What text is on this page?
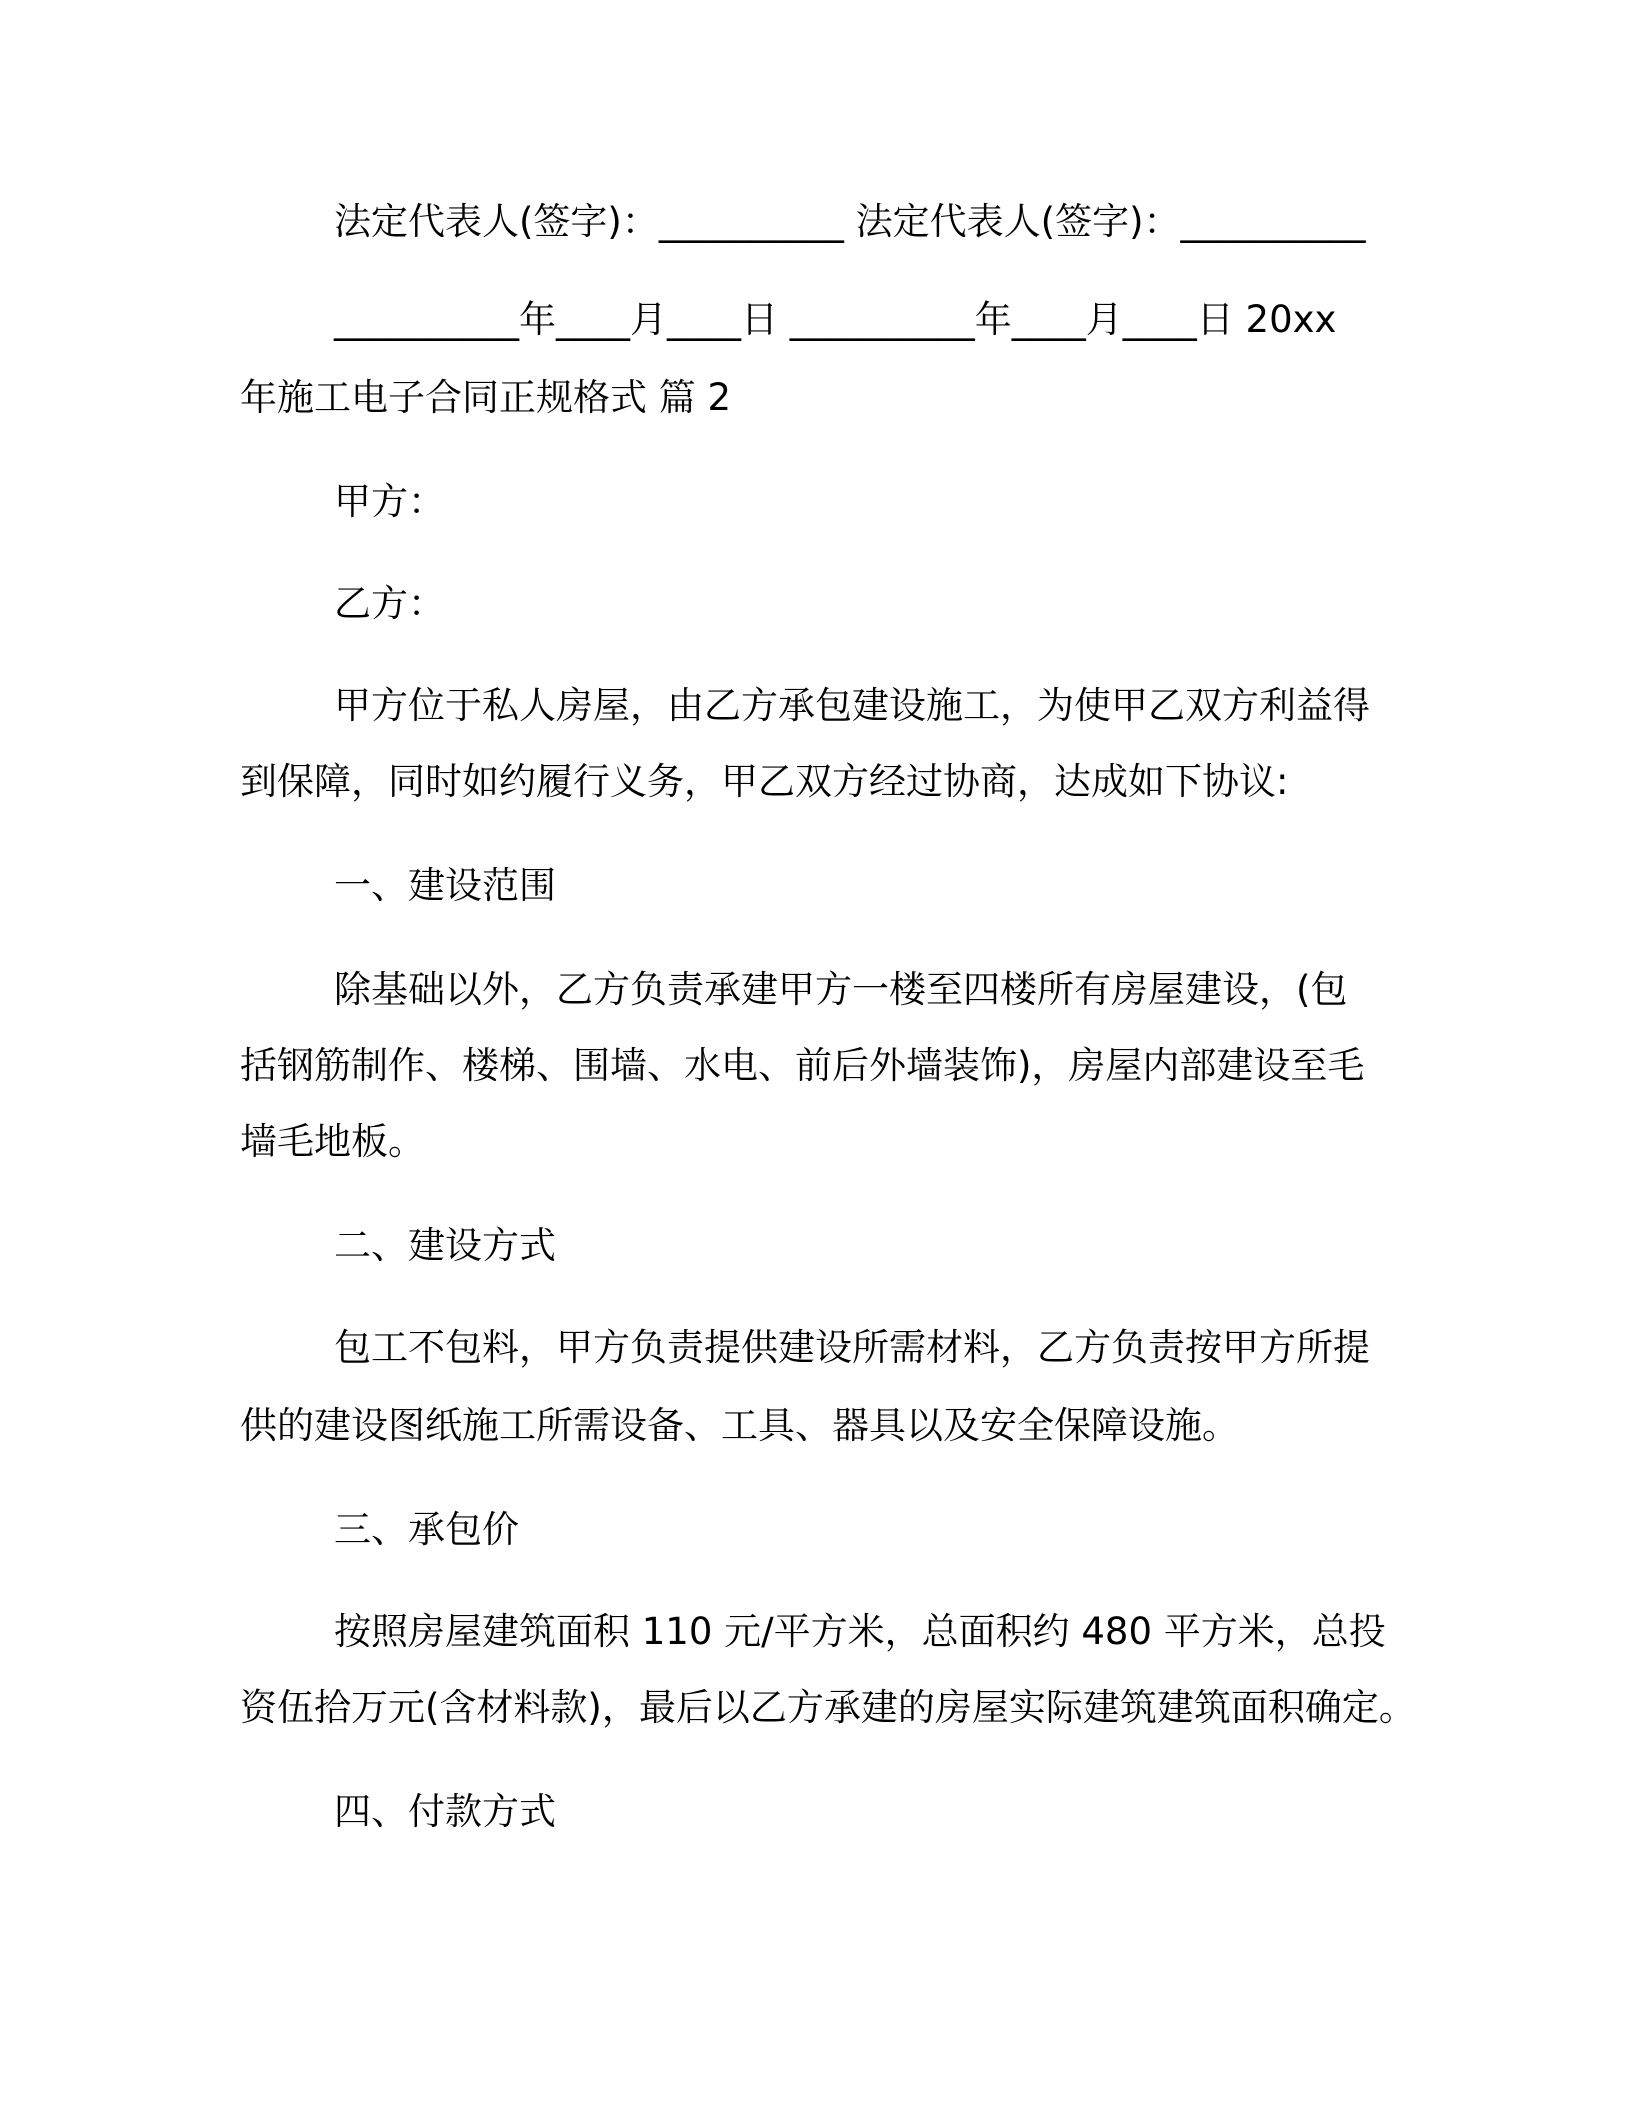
法定代表人(签字)：__________ 法定代表人(签字)：__________
__________年____月____日 __________年____月____日 20xx
年施工电子合同正规格式 篇 2
甲方：
乙方：
甲方位于私人房屋，由乙方承包建设施工，为使甲乙双方利益得
到保障，同时如约履行义务，甲乙双方经过协商，达成如下协议:
一、建设范围
除基础以外，乙方负责承建甲方一楼至四楼所有房屋建设，(包
括钢筋制作、楼梯、围墙、水电、前后外墙装饰)，房屋内部建设至毛
墙毛地板。
二、建设方式
包工不包料，甲方负责提供建设所需材料，乙方负责按甲方所提
供的建设图纸施工所需设备、工具、器具以及安全保障设施。
三、承包价
按照房屋建筑面积 110 元/平方米，总面积约 480 平方米，总投
资伍拾万元(含材料款)，最后以乙方承建的房屋实际建筑建筑面积确定。
四、付款方式
